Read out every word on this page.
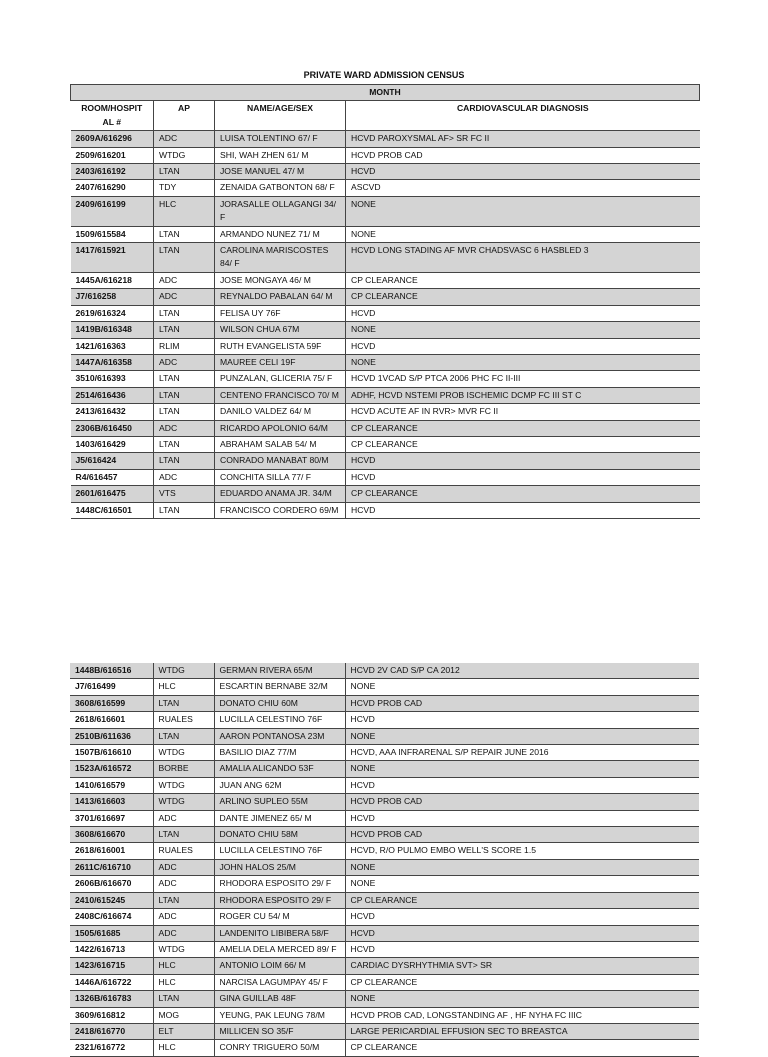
PRIVATE WARD ADMISSION CENSUS
MONTH			
ROOM/HOSPIT AL #	AP	NAME/AGE/SEX	CARDIOVASCULAR DIAGNOSIS
2609A/616296	ADC	LUISA TOLENTINO 67/ F	HCVD PAROXYSMAL AF> SR FC II
2509/616201	WTDG	SHI, WAH ZHEN 61/ M	HCVD PROB CAD
2403/616192	LTAN	JOSE MANUEL 47/ M	HCVD
2407/616290	TDY	ZENAIDA GATBONTON 68/ F	ASCVD
2409/616199	HLC	JORASALLE OLLAGANGI 34/ F	NONE
1509/615584	LTAN	ARMANDO NUNEZ 71/ M	NONE
1417/615921	LTAN	CAROLINA MARISCOSTES 84/ F	HCVD LONG STADING AF MVR CHADSVASC 6 HASBLED 3
1445A/616218	ADC	JOSE MONGAYA 46/ M	CP CLEARANCE
J7/616258	ADC	REYNALDO PABALAN 64/ M	CP CLEARANCE
2619/616324	LTAN	FELISA UY 76F	HCVD
1419B/616348	LTAN	WILSON CHUA 67M	NONE
1421/616363	RLIM	RUTH EVANGELISTA 59F	HCVD
1447A/616358	ADC	MAUREE CELI 19F	NONE
3510/616393	LTAN	PUNZALAN, GLICERIA 75/ F	HCVD 1VCAD S/P PTCA 2006 PHC FC II-III
2514/616436	LTAN	CENTENO FRANCISCO 70/ M	ADHF, HCVD NSTEMI PROB ISCHEMIC DCMP FC III ST C
2413/616432	LTAN	DANILO VALDEZ 64/ M	HCVD ACUTE AF IN RVR> MVR FC II
2306B/616450	ADC	RICARDO APOLONIO 64/M	CP CLEARANCE
1403/616429	LTAN	ABRAHAM SALAB 54/ M	CP CLEARANCE
J5/616424	LTAN	CONRADO MANABAT 80/M	HCVD
R4/616457	ADC	CONCHITA SILLA 77/ F	HCVD
2601/616475	VTS	EDUARDO ANAMA JR. 34/M	CP CLEARANCE
1448C/616501	LTAN	FRANCISCO CORDERO 69/M	HCVD
1448B/616516	WTDG	GERMAN RIVERA 65/M	HCVD 2V CAD S/P CA 2012
J7/616499	HLC	ESCARTIN BERNABE 32/M	NONE
3608/616599	LTAN	DONATO CHIU 60M	HCVD PROB CAD
2618/616601	RUALES	LUCILLA CELESTINO 76F	HCVD
2510B/611636	LTAN	AARON PONTANOSA 23M	NONE
1507B/616610	WTDG	BASILIO DIAZ 77/M	HCVD, AAA INFRARENAL S/P REPAIR JUNE 2016
1523A/616572	BORBE	AMALIA ALICANDO 53F	NONE
1410/616579	WTDG	JUAN ANG 62M	HCVD
1413/616603	WTDG	ARLINO SUPLEO 55M	HCVD PROB CAD
3701/616697	ADC	DANTE JIMENEZ 65/ M	HCVD
3608/616670	LTAN	DONATO CHIU 58M	HCVD PROB CAD
2618/616001	RUALES	LUCILLA CELESTINO 76F	HCVD, R/O PULMO EMBO WELL'S SCORE 1.5
2611C/616710	ADC	JOHN HALOS 25/M	NONE
2606B/616670	ADC	RHODORA ESPOSITO 29/ F	NONE
2410/615245	LTAN	RHODORA ESPOSITO 29/ F	CP CLEARANCE
2408C/616674	ADC	ROGER CU 54/ M	HCVD
1505/61685	ADC	LANDENITO LIBIBERA 58/F	HCVD
1422/616713	WTDG	AMELIA DELA MERCED 89/ F	HCVD
1423/616715	HLC	ANTONIO LOIM 66/ M	CARDIAC DYSRHYTHMIA SVT> SR
1446A/616722	HLC	NARCISA LAGUMPAY 45/ F	CP CLEARANCE
1326B/616783	LTAN	GINA GUILLAB 48F	NONE
3609/616812	MOG	YEUNG, PAK LEUNG 78/M	HCVD PROB CAD, LONGSTANDING AF , HF NYHA FC IIIC
2418/616770	ELT	MILLICEN SO 35/F	LARGE PERICARDIAL EFFUSION SEC TO BREASTCA
2321/616772	HLC	CONRY TRIGUERO 50/M	CP CLEARANCE
